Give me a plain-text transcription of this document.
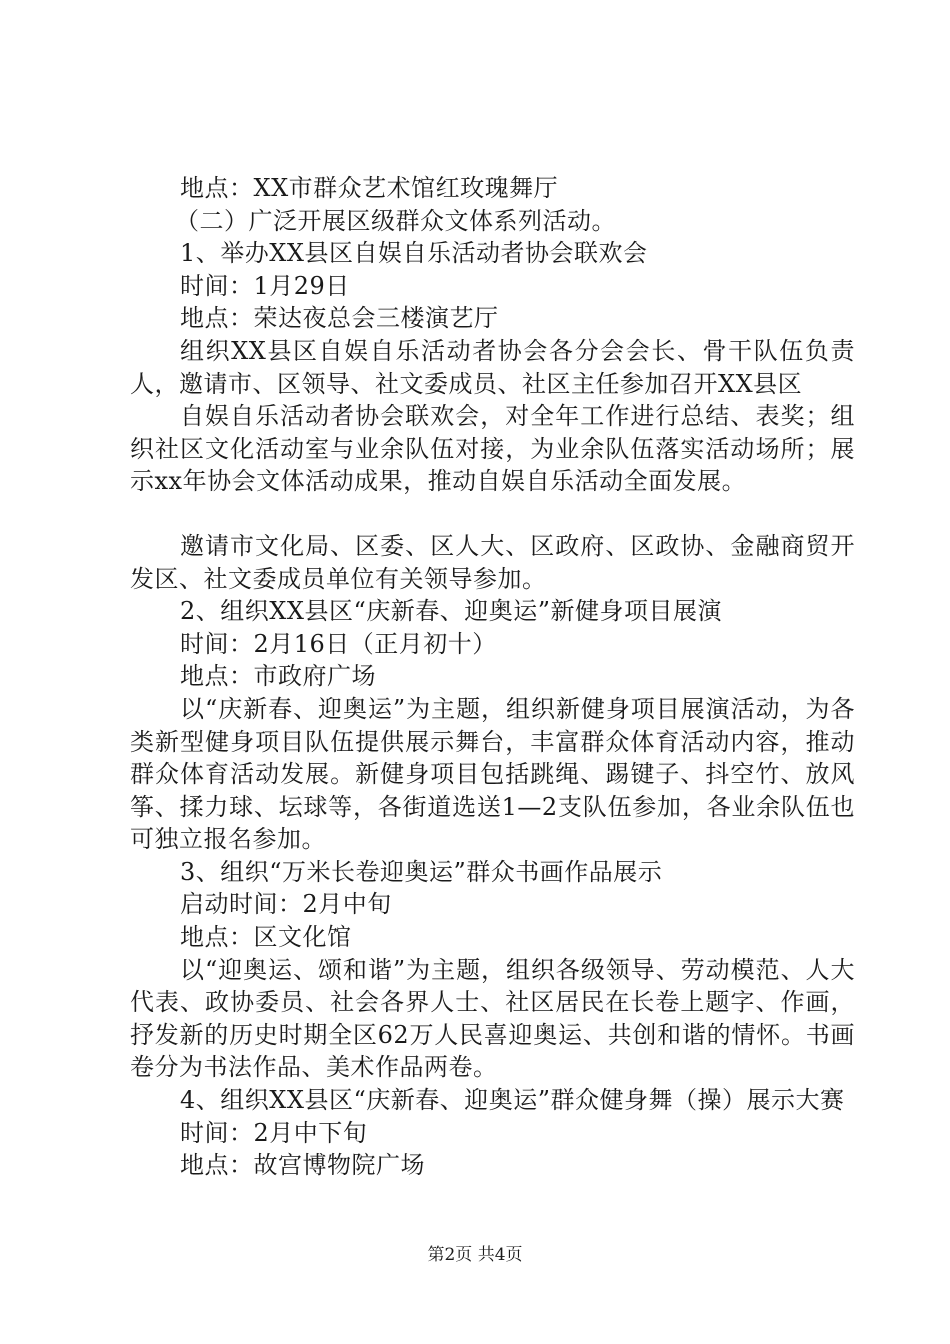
地点：XX市群众艺术馆红玫瑰舞厅
（二）广泛开展区级群众文体系列活动。
1、举办XX县区自娱自乐活动者协会联欢会
时间：1月29日
地点：荣达夜总会三楼演艺厅
组织XX县区自娱自乐活动者协会各分会会长、骨干队伍负责人，邀请市、区领导、社文委成员、社区主任参加召开XX县区
自娱自乐活动者协会联欢会，对全年工作进行总结、表奖；组织社区文化活动室与业余队伍对接，为业余队伍落实活动场所；展示xx年协会文体活动成果，推动自娱自乐活动全面发展。
邀请市文化局、区委、区人大、区政府、区政协、金融商贸开发区、社文委成员单位有关领导参加。
2、组织XX县区“庆新春、迎奥运”新健身项目展演
时间：2月16日（正月初十）
地点：市政府广场
以“庆新春、迎奥运”为主题，组织新健身项目展演活动，为各类新型健身项目队伍提供展示舞台，丰富群众体育活动内容，推动群众体育活动发展。新健身项目包括跳绳、踢键子、抖空竹、放风筝、揉力球、坛球等，各街道选送1—2支队伍参加，各业余队伍也可独立报名参加。
3、组织“万米长卷迎奥运”群众书画作品展示
启动时间：2月中旬
地点：区文化馆
以“迎奥运、颂和谐”为主题，组织各级领导、劳动模范、人大代表、政协委员、社会各界人士、社区居民在长卷上题字、作画，抒发新的历史时期全区62万人民喜迎奥运、共创和谐的情怀。书画卷分为书法作品、美术作品两卷。
4、组织XX县区“庆新春、迎奥运”群众健身舞（操）展示大赛
时间：2月中下旬
地点：故宫博物院广场
第2页 共4页
